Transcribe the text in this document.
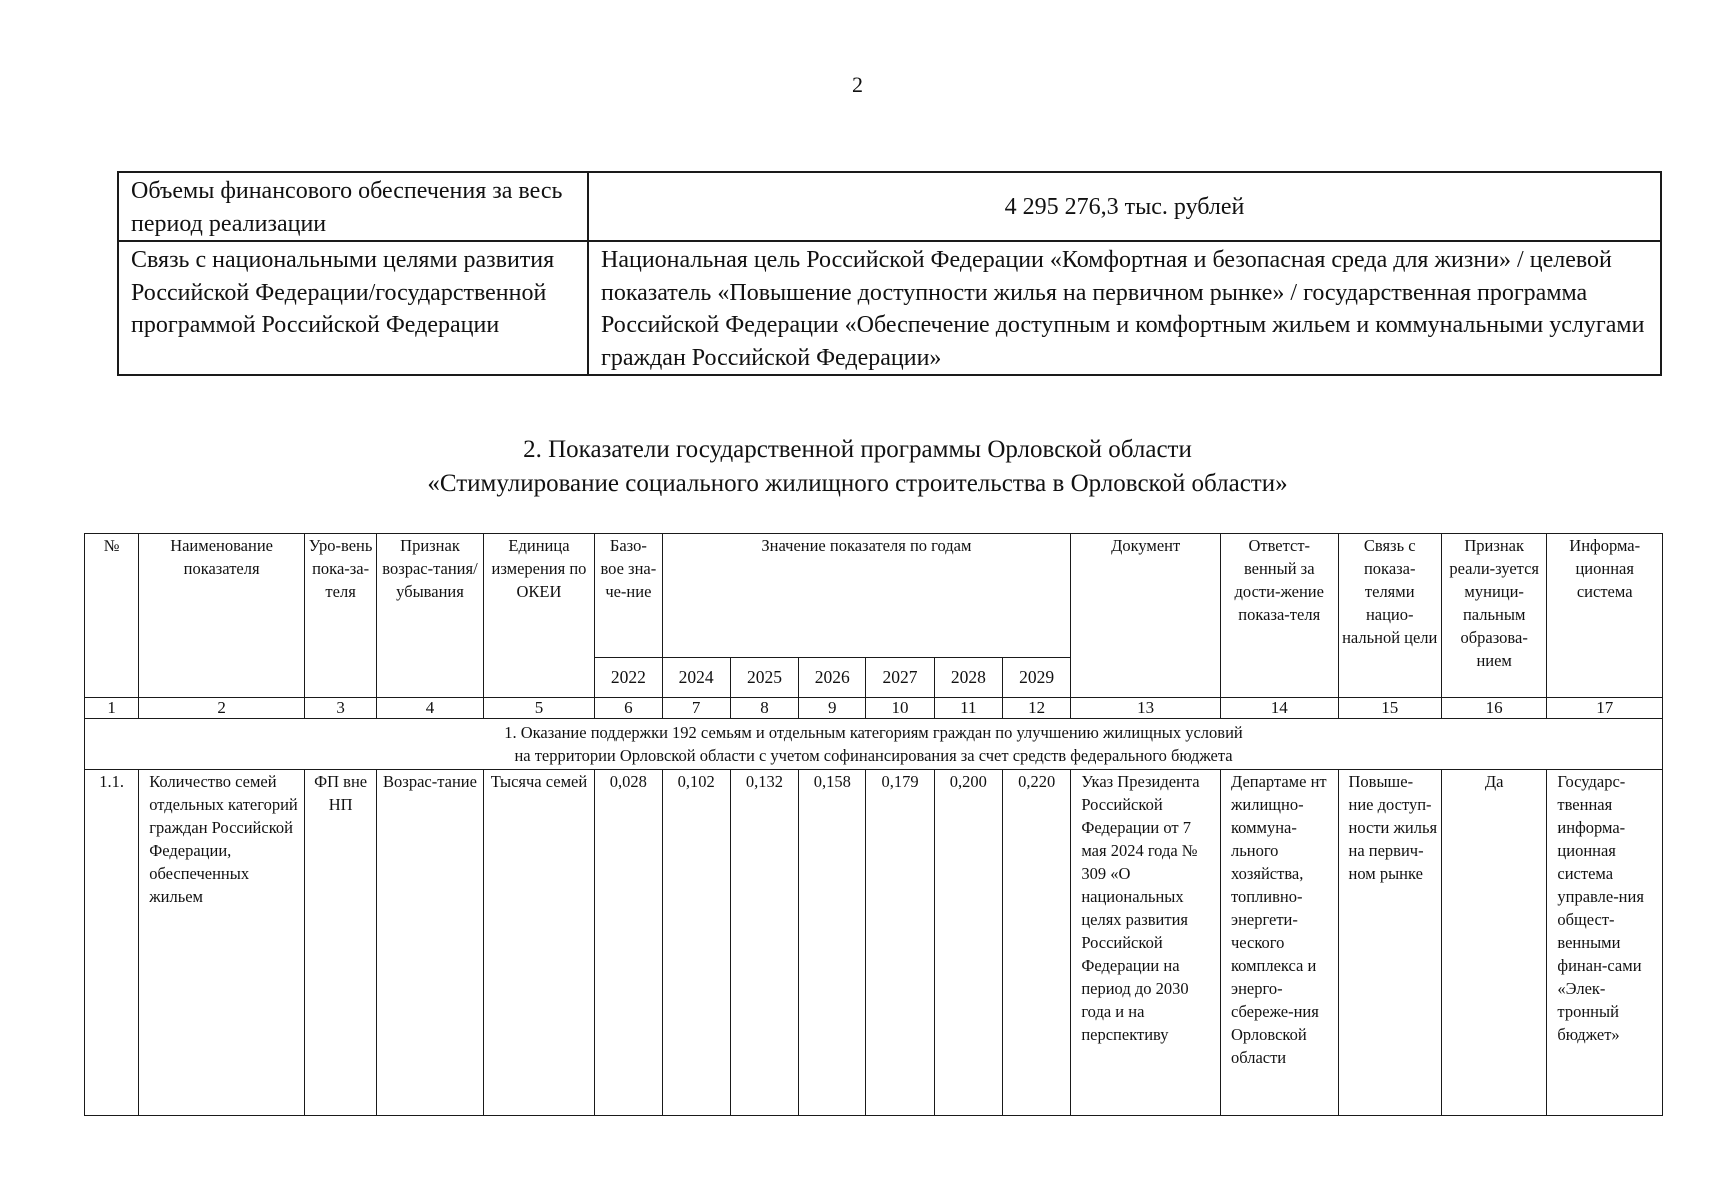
2
Объемы финансового обеспечения за весь период реализации	4 295 276,3 тыс. рублей
Связь с национальными целями развития Российской Федерации/государственной программой Российской Федерации	Национальная цель Российской Федерации «Комфортная и безопасная среда для жизни» / целевой показатель «Повышение доступности жилья на первичном рынке» / государственная программа Российской Федерации «Обеспечение доступным и комфортным жильем и коммунальными услугами граждан Российской Федерации»
2. Показатели государственной программы Орловской области
«Стимулирование социального жилищного строительства в Орловской области»
№	Наименование показателя	Уро-вень пока-за-теля	Признак возрас-тания/ убывания	Единица измерения по ОКЕИ	Базо-вое зна-че-ние	Значение показателя по годам						Документ	Ответст-венный за дости-жение показа-теля	Связь с показа-телями нацио-нальной цели	Признак реали-зуется муници-пальным образова-нием	Информа-ционная система
					2022	2024	2025	2026	2027	2028	2029					
1	2	3	4	5	6	7	8	9	10	11	12	13	14	15	16	17

1. Оказание поддержки 192 семьям и отдельным категориям граждан по улучшению жилищных условий
на территории Орловской области с учетом софинансирования за счет средств федерального бюджета																

1.1.	Количество семей отдельных категорий граждан Российской Федерации, обеспеченных жильем	ФП вне НП	Возрас-тание	Тысяча семей	0,028	0,102	0,132	0,158	0,179	0,200	0,220	Указ Президента Российской Федерации от 7 мая 2024 года № 309 «О национальных целях развития Российской Федерации на период до 2030 года и на перспективу	Департаме нт жилищно-коммуна-льного хозяйства, топливно-энергети-ческого комплекса и энерго-сбереже-ния Орловской области	Повыше-ние доступ-ности жилья на первич-ном рынке	Да	Государс-твенная информа-ционная система управле-ния общест-венными финан-сами «Элек-тронный бюджет»
